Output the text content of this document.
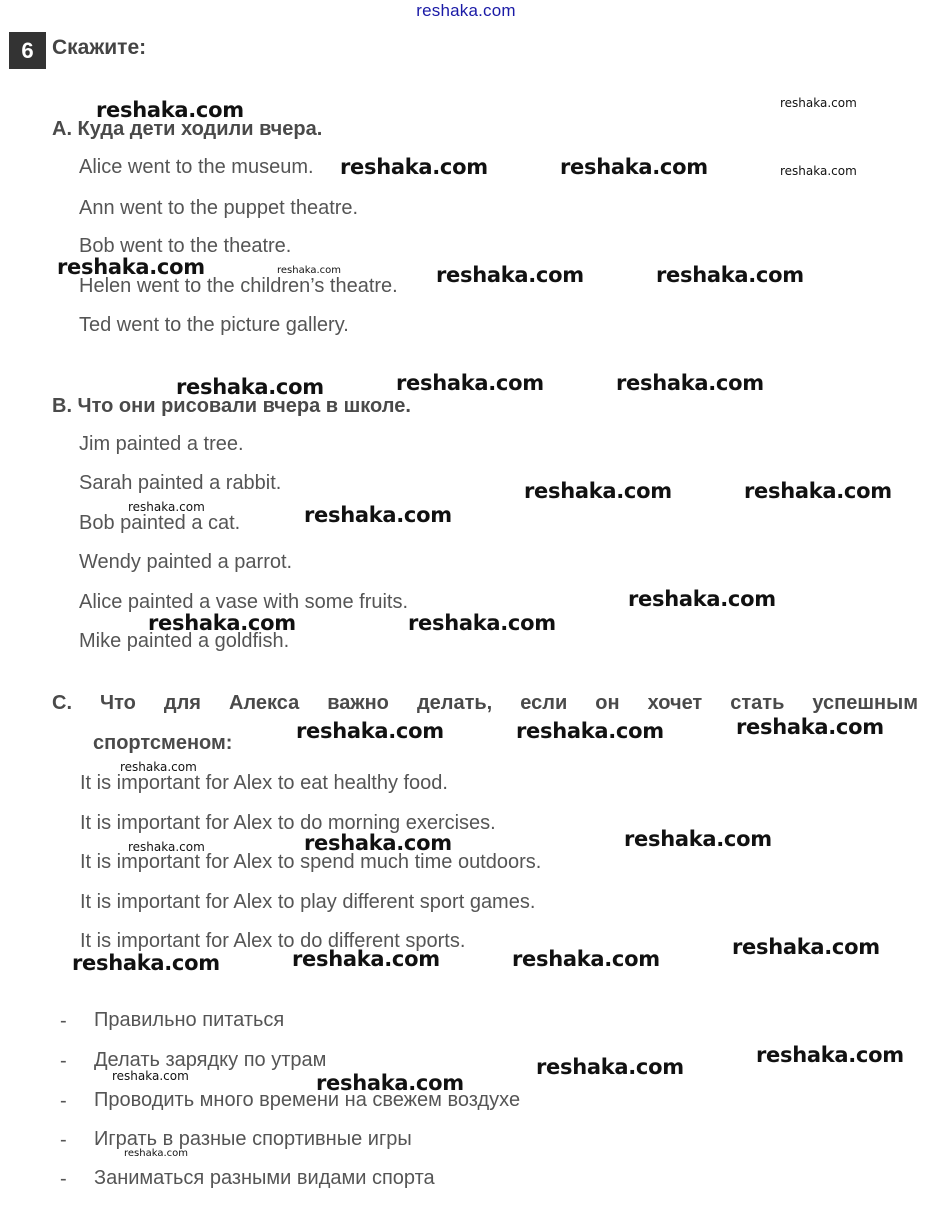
reshaka.com
6 Скажите:
A. Куда дети ходили вчера.
Alice went to the museum.
Ann went to the puppet theatre.
Bob went to the theatre.
Helen went to the children’s theatre.
Ted went to the picture gallery.
B. Что они рисовали вчера в школе.
Jim painted a tree.
Sarah painted a rabbit.
Bob painted a cat.
Wendy painted a parrot.
Alice painted a vase with some fruits.
Mike painted a goldfish.
C. Что для Алекса важно делать, если он хочет стать успешным
спортсменом:
It is important for Alex to eat healthy food.
It is important for Alex to do morning exercises.
It is important for Alex to spend much time outdoors.
It is important for Alex to play different sport games.
It is important for Alex to do different sports.
- Правильно питаться
- Делать зарядку по утрам
- Проводить много времени на свежем воздухе
- Играть в разные спортивные игры
- Заниматься разными видами спорта
reshaka.com	reshaka.com
reshaka.com	reshaka.com	reshaka.com
reshaka.com	reshaka.com	reshaka.com	reshaka.com
reshaka.com	reshaka.com	reshaka.com
reshaka.com	reshaka.com
reshaka.com	reshaka.com
reshaka.com
reshaka.com	reshaka.com
reshaka.com	reshaka.com	reshaka.com
reshaka.com
reshaka.com
reshaka.com	reshaka.com
reshaka.com
reshaka.com	reshaka.com	reshaka.com
reshaka.com
reshaka.com
reshaka.com	reshaka.com
reshaka.com
